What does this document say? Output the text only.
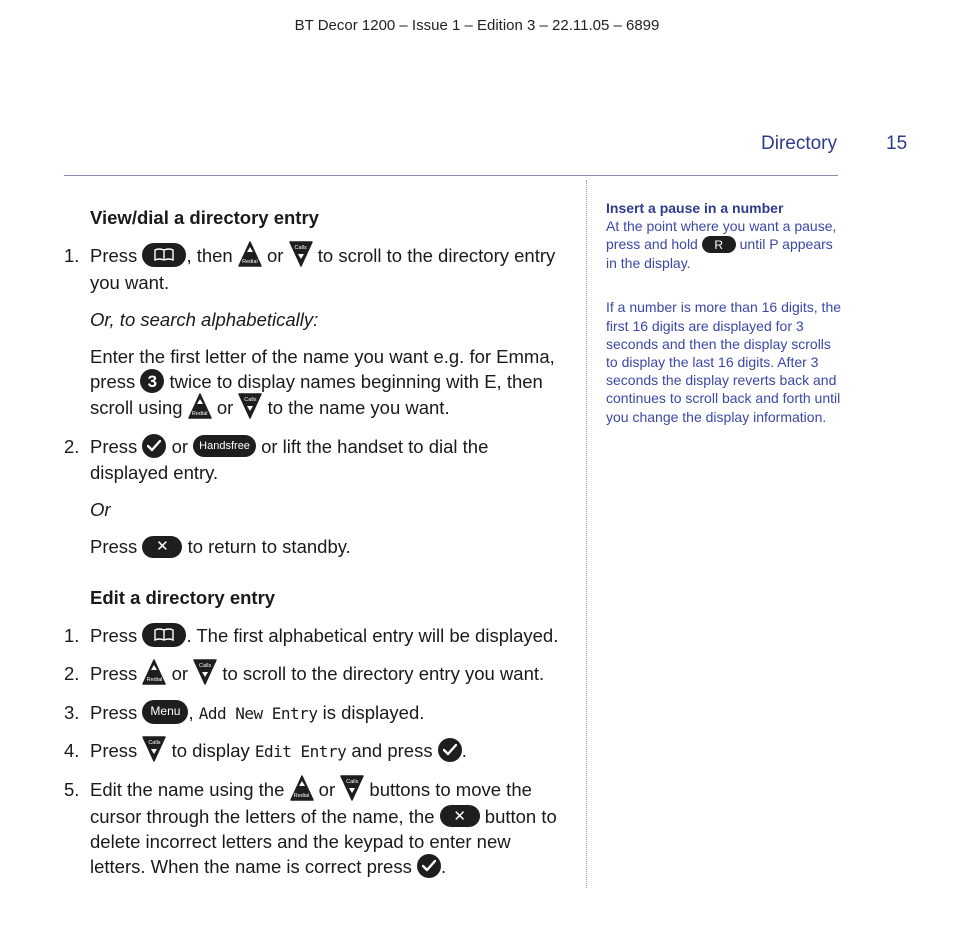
BT Decor 1200 – Issue 1 – Edition 3 – 22.11.05 – 6899
Directory	15
View/dial a directory entry
1. Press	, then	Redial or	Calls to scroll to the directory entry you want.

Or, to search alphabetically:

Enter the first letter of the name you want e.g. for Emma, press 3 twice to display names beginning with E, then scroll using	Redial or	Calls to the name you want.

2. Press or Handsfree or lift the handset to dial the displayed entry.

Or

Press ✕ to return to standby.

Edit a directory entry
1. Press	. The first alphabetical entry will be displayed.
2. Press	Redial or	Calls to scroll to the directory entry you want.
3. Press Menu , Add New Entry is displayed.
4. Press	Calls to display Edit Entry and press .
5. Edit the name using the	Redial or	Calls buttons to move the cursor through the letters of the name, the ✕ button to delete incorrect letters and the keypad to enter new letters. When the name is correct press .

Insert a pause in a number

At the point where you want a pause, press and hold R until P appears in the display.

If a number is more than 16 digits, the first 16 digits are displayed for 3 seconds and then the display scrolls to display the last 16 digits. After 3 seconds the display reverts back and continues to scroll back and forth until you change the display information.
